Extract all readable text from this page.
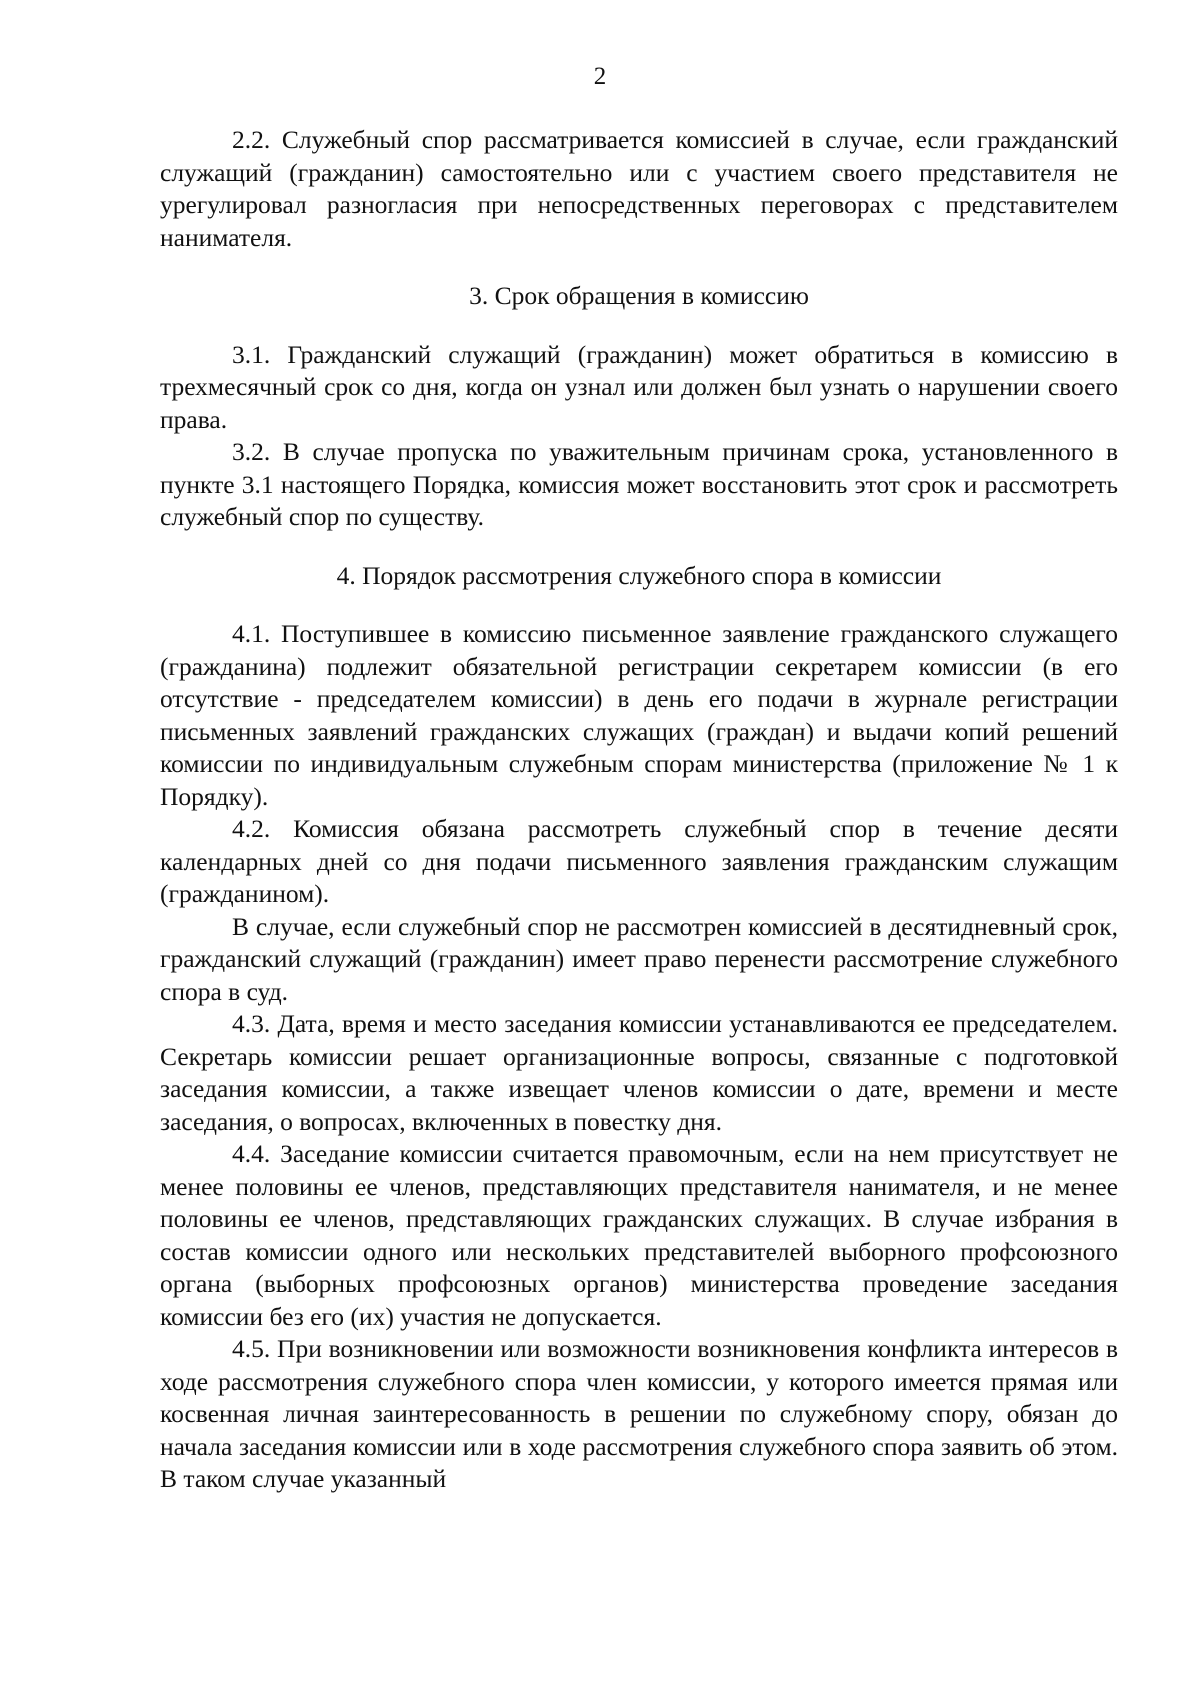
2

2.2. Служебный спор рассматривается комиссией в случае, если гражданский служащий (гражданин) самостоятельно или с участием своего представителя не урегулировал разногласия при непосредственных переговорах с представителем нанимателя.

3. Срок обращения в комиссию

3.1. Гражданский служащий (гражданин) может обратиться в комиссию в трехмесячный срок со дня, когда он узнал или должен был узнать о нарушении своего права.

3.2. В случае пропуска по уважительным причинам срока, установленного в пункте 3.1 настоящего Порядка, комиссия может восстановить этот срок и рассмотреть служебный спор по существу.

4. Порядок рассмотрения служебного спора в комиссии

4.1. Поступившее в комиссию письменное заявление гражданского служащего (гражданина) подлежит обязательной регистрации секретарем комиссии (в его отсутствие - председателем комиссии) в день его подачи в журнале регистрации письменных заявлений гражданских служащих (граждан) и выдачи копий решений комиссии по индивидуальным служебным спорам министерства (приложение № 1 к Порядку).

4.2. Комиссия обязана рассмотреть служебный спор в течение десяти календарных дней со дня подачи письменного заявления гражданским служащим (гражданином).

В случае, если служебный спор не рассмотрен комиссией в десятидневный срок, гражданский служащий (гражданин) имеет право перенести рассмотрение служебного спора в суд.

4.3. Дата, время и место заседания комиссии устанавливаются ее председателем. Секретарь комиссии решает организационные вопросы, связанные с подготовкой заседания комиссии, а также извещает членов комиссии о дате, времени и месте заседания, о вопросах, включенных в повестку дня.

4.4. Заседание комиссии считается правомочным, если на нем присутствует не менее половины ее членов, представляющих представителя нанимателя, и не менее половины ее членов, представляющих гражданских служащих. В случае избрания в состав комиссии одного или нескольких представителей выборного профсоюзного органа (выборных профсоюзных органов) министерства проведение заседания комиссии без его (их) участия не допускается.

4.5. При возникновении или возможности возникновения конфликта интересов в ходе рассмотрения служебного спора член комиссии, у которого имеется прямая или косвенная личная заинтересованность в решении по служебному спору, обязан до начала заседания комиссии или в ходе рассмотрения служебного спора заявить об этом. В таком случае указанный
